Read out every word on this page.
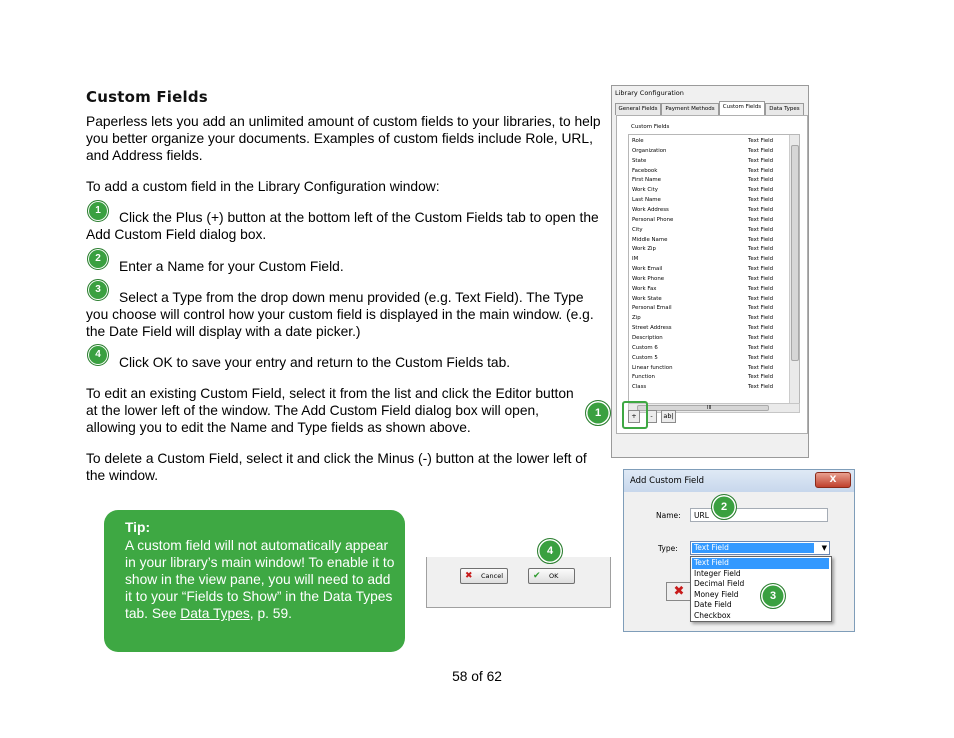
Custom Fields

Paperless lets you add an unlimited amount of custom fields to your libraries, to help you better organize your documents. Examples of custom fields include Role, URL, and Address fields.

To add a custom field in the Library Configuration window:

1	Click the Plus (+) button at the bottom left of the Custom Fields tab to open the Add Custom Field dialog box.

2

Enter a Name for your Custom Field.

3

Select a Type from the drop down menu provided (e.g. Text Field). The Type you choose will control how your custom field is displayed in the main window. (e.g. the Date Field will display with a date picker.)

4

Click OK to save your entry and return to the Custom Fields tab.

To edit an existing Custom Field, select it from the list and click the Editor button at the lower left of the window. The Add Custom Field dialog box will open, allowing you to edit the Name and Type fields as shown above.

To delete a Custom Field, select it and click the Minus (-) button at the lower left of the window.

Tip:
A custom field will not automatically appear in your library’s main window! To enable it to show in the view pane, you will need to add it to your “Fields to Show” in the Data Types tab. See Data Types, p. 59.
58 of 62
Library Configuration
General Fields	Payment Methods	Custom Fields	Data Types
Custom Fields
Class	Text Field
Function	Text Field
Linear function	Text Field
Custom 5	Text Field
Custom 6	Text Field
Description	Text Field
Street Address	Text Field
Zip	Text Field
Personal Email	Text Field
Work State	Text Field
Work Fax	Text Field
Work Phone	Text Field
Work Email	Text Field
IM	Text Field
Work Zip	Text Field
Middle Name	Text Field
City	Text Field
Personal Phone	Text Field
Work Address	Text Field
Last Name	Text Field
Work City	Text Field
First Name	Text Field
Facebook	Text Field
State	Text Field
Organization	Text Field
Role	Text Field
III
+	-	ab|
1
✖ Cancel	✔ OK
4
Add Custom Field	X
Name:	URL
Type: Text Field	▼
✖
Text Field
Integer Field
Decimal Field
Money Field
Date Field
Checkbox
2
3
